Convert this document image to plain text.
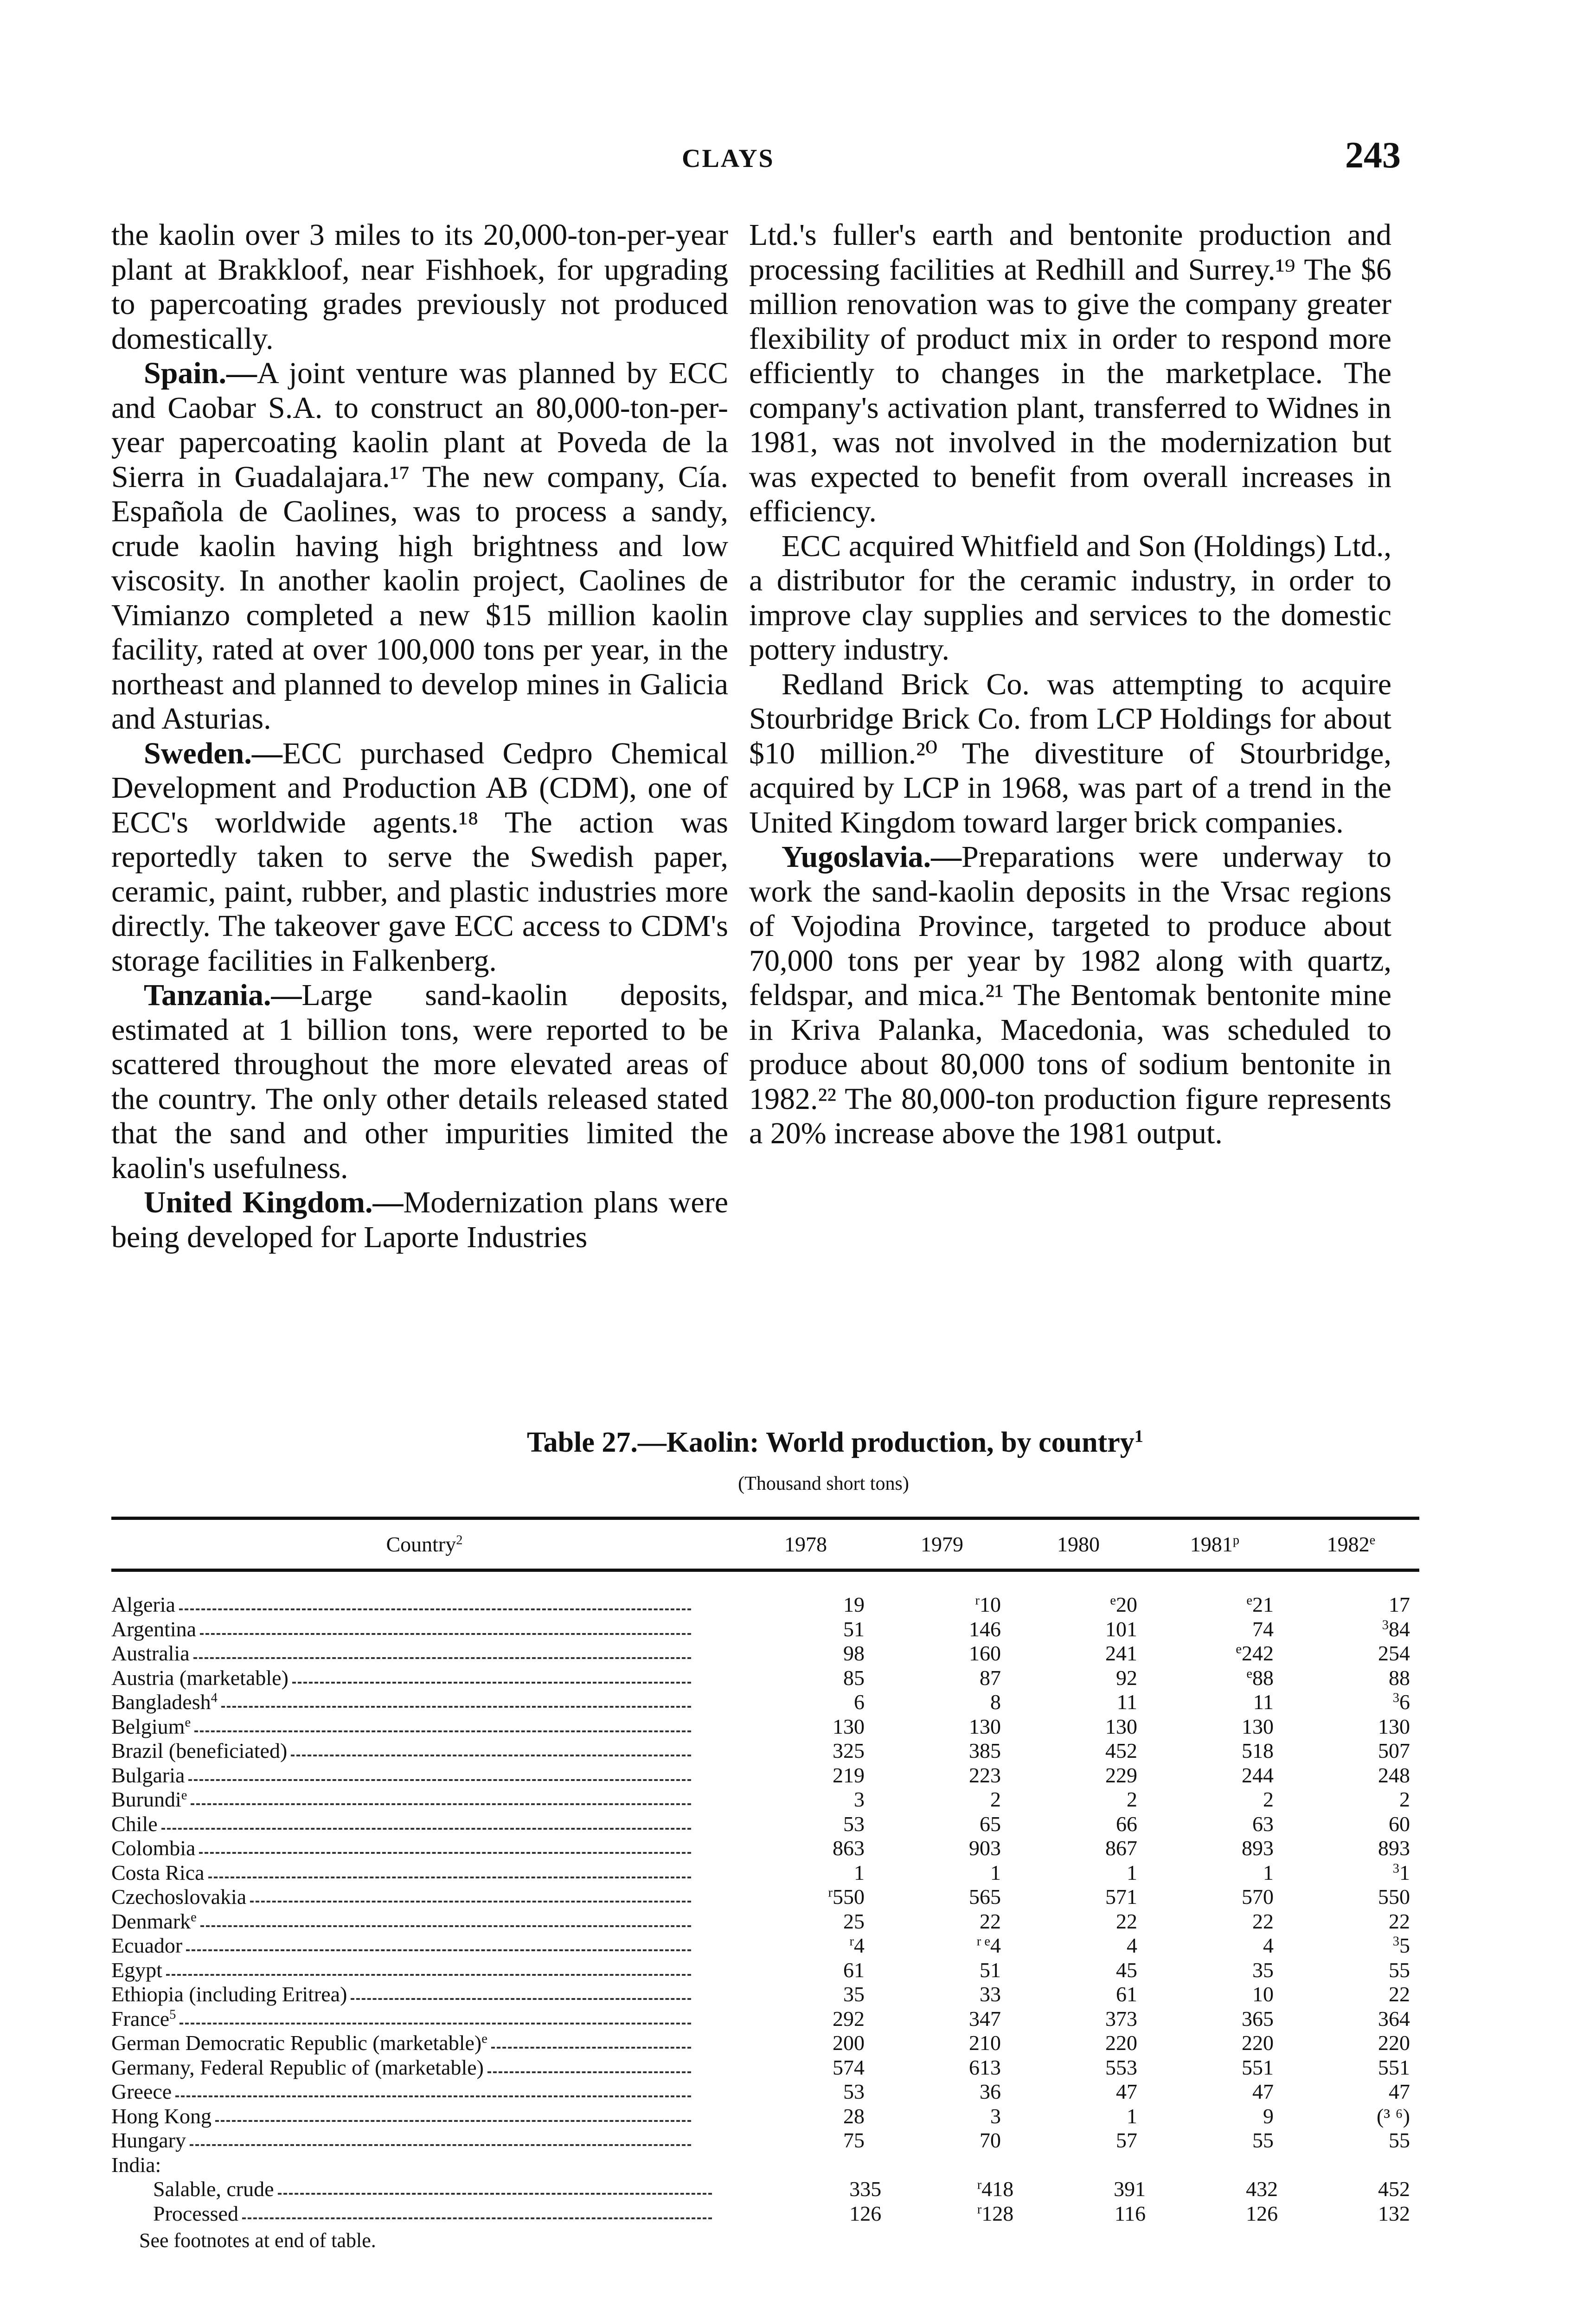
CLAYS	243

the kaolin over 3 miles to its 20,000-ton-per-year plant at Brakkloof, near Fishhoek, for upgrading to papercoating grades previously not produced domestically.

Spain.—A joint venture was planned by ECC and Caobar S.A. to construct an 80,000-ton-per-year papercoating kaolin plant at Poveda de la Sierra in Guadalajara.¹⁷ The new company, Cía. Española de Caolines, was to process a sandy, crude kaolin having high brightness and low viscosity. In another kaolin project, Caolines de Vimianzo completed a new $15 million kaolin facility, rated at over 100,000 tons per year, in the northeast and planned to develop mines in Galicia and Asturias.

Sweden.—ECC purchased Cedpro Chemical Development and Production AB (CDM), one of ECC's worldwide agents.¹⁸ The action was reportedly taken to serve the Swedish paper, ceramic, paint, rubber, and plastic industries more directly. The takeover gave ECC access to CDM's storage facilities in Falkenberg.

Tanzania.—Large sand-kaolin deposits, estimated at 1 billion tons, were reported to be scattered throughout the more elevated areas of the country. The only other details released stated that the sand and other impurities limited the kaolin's usefulness.

United Kingdom.—Modernization plans were being developed for Laporte Industries

Ltd.'s fuller's earth and bentonite production and processing facilities at Redhill and Surrey.¹⁹ The $6 million renovation was to give the company greater flexibility of product mix in order to respond more efficiently to changes in the marketplace. The company's activation plant, transferred to Widnes in 1981, was not involved in the modernization but was expected to benefit from overall increases in efficiency.

ECC acquired Whitfield and Son (Holdings) Ltd., a distributor for the ceramic industry, in order to improve clay supplies and services to the domestic pottery industry.

Redland Brick Co. was attempting to acquire Stourbridge Brick Co. from LCP Holdings for about $10 million.²⁰ The divestiture of Stourbridge, acquired by LCP in 1968, was part of a trend in the United Kingdom toward larger brick companies.

Yugoslavia.—Preparations were underway to work the sand-kaolin deposits in the Vrsac regions of Vojodina Province, targeted to produce about 70,000 tons per year by 1982 along with quartz, feldspar, and mica.²¹ The Bentomak bentonite mine in Kriva Palanka, Macedonia, was scheduled to produce about 80,000 tons of sodium bentonite in 1982.²² The 80,000-ton production figure represents a 20% increase above the 1981 output.

Table 27.—Kaolin: World production, by country$^1$
(Thousand short tons)
Country$^2$	1978	1979	1980	1981$^p$	1982e
Algeria	19	$^r$10	$^e$20	$^e$21	17
Argentina	51	146	101	74	$^3$84
Australia	98	160	241	$^e$242	254
Austria (marketable)	85	87	92	$^e$88	88
Bangladesh$^4$	6	8	11	11	$^3$6
Belgium$^e$	130	130	130	130	130
Brazil (beneficiated)	325	385	452	518	507
Bulgaria	219	223	229	244	248
Burundi$^e$	3	2	2	2	2
Chile	53	65	66	63	60
Colombia	863	903	867	893	893
Costa Rica	1	1	1	1	$^3$1
Czechoslovakia	$^r$550	565	571	570	550
Denmark$^e$	25	22	22	22	22
Ecuador	$^r$4	$^{r e}$4	4	4	$^3$5
Egypt	61	51	45	35	55
Ethiopia (including Eritrea)	35	33	61	10	22
France$^5$	292	347	373	365	364
German Democratic Republic (marketable)$^e$	200	210	220	220	220
Germany, Federal Republic of (marketable)	574	613	553	551	551
Greece	53	36	47	47	47
Hong Kong	28	3	1	9	(³ ⁶)
Hungary	75	70	57	55	55
India:
Salable, crude	335	$^r$418	391	432	452
Processed	126	$^r$128	116	126	132
See footnotes at end of table.
